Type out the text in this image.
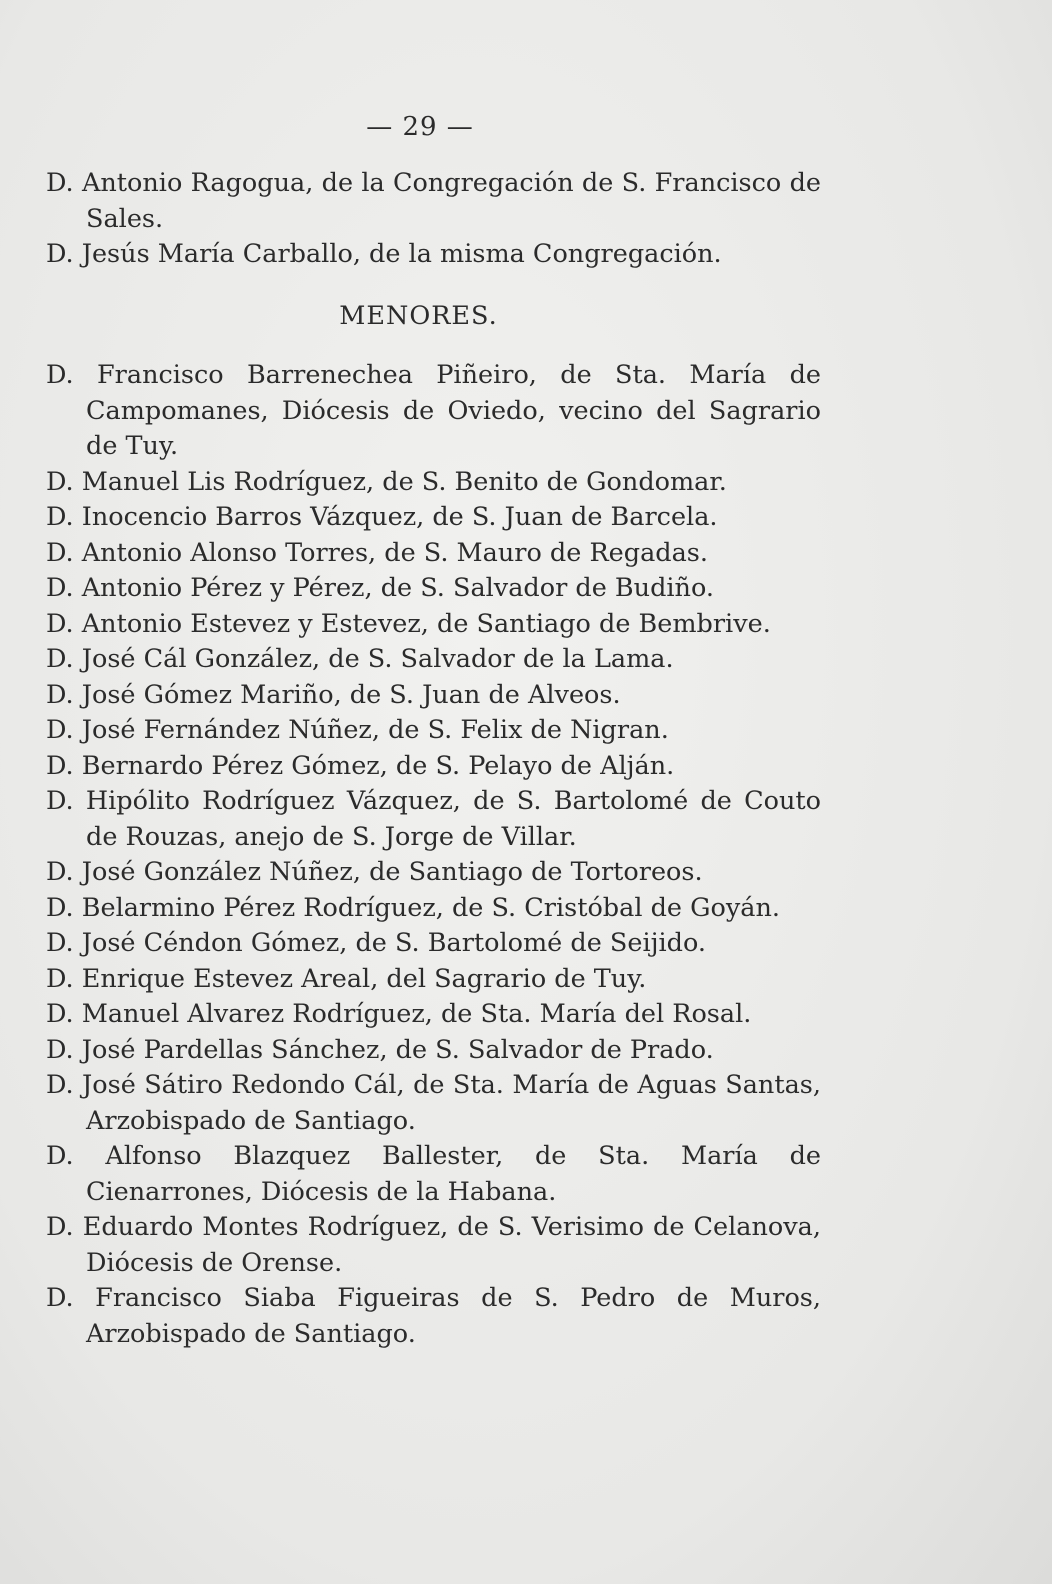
— 29 —

D. Antonio Ragogua, de la Congregación de S. Francisco de Sales.

D. Jesús María Carballo, de la misma Congregación.

MENORES.

D. Francisco Barrenechea Piñeiro, de Sta. María de Campomanes, Diócesis de Oviedo, vecino del Sagrario de Tuy.

D. Manuel Lis Rodríguez, de S. Benito de Gondomar.

D. Inocencio Barros Vázquez, de S. Juan de Barcela.

D. Antonio Alonso Torres, de S. Mauro de Regadas.

D. Antonio Pérez y Pérez, de S. Salvador de Budiño.

D. Antonio Estevez y Estevez, de Santiago de Bembrive.

D. José Cál González, de S. Salvador de la Lama.

D. José Gómez Mariño, de S. Juan de Alveos.

D. José Fernández Núñez, de S. Felix de Nigran.

D. Bernardo Pérez Gómez, de S. Pelayo de Alján.

D. Hipólito Rodríguez Vázquez, de S. Bartolomé de Couto de Rouzas, anejo de S. Jorge de Villar.

D. José González Núñez, de Santiago de Tortoreos.

D. Belarmino Pérez Rodríguez, de S. Cristóbal de Goyán.

D. José Céndon Gómez, de S. Bartolomé de Seijido.

D. Enrique Estevez Areal, del Sagrario de Tuy.

D. Manuel Alvarez Rodríguez, de Sta. María del Rosal.

D. José Pardellas Sánchez, de S. Salvador de Prado.

D. José Sátiro Redondo Cál, de Sta. María de Aguas Santas, Arzobispado de Santiago.

D. Alfonso Blazquez Ballester, de Sta. María de Cienarrones, Diócesis de la Habana.

D. Eduardo Montes Rodríguez, de S. Verisimo de Celanova, Diócesis de Orense.

D. Francisco Siaba Figueiras de S. Pedro de Muros, Arzobispado de Santiago.
